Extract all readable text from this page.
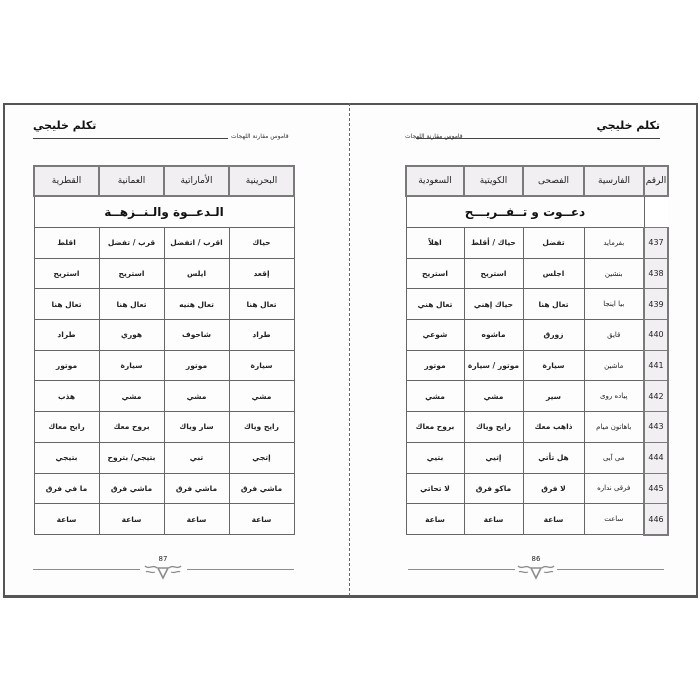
تكلم خليجي
قاموس مقارنة اللهجات
الرقم	الفارسية	الفصحى	الكويتية	السعودية
	دعــوت و تــفــريـــح			
437	بفرمايد	تفضل	حياك / أقلط	اهلاً
438	بنشين	اجلس	استريح	استريح
439	بيا اينجا	تعال هنا	حياك إهني	تعال هني
440	قايق	زورق	ماشوه	شوعي
441	ماشين	سيارة	موتور / سيارة	موتور
442	پیاده روی	سير	مشي	مشي
443	باهاتون ميام	ذاهب معك	رايح وياك	بروح معاك
444	می آیی	هل تأتي	إتيي	بتيي
445	فرقی نداره	لا فرق	ماكو فرق	لا تحاتي
446	ساعت	ساعة	ساعة	ساعة
86
تكلم خليجي
قاموس مقارنة اللهجات
البحرينية	الأماراتية	العمانية	القطرية
الـدعــوة والـنــزهــة			
حياك	اقرب / اتفضل	قرب / تفضل	اقلط
إقعد	ايلس	استريح	استريح
تعال هنا	تعال هنيه	تعال هنا	تعال هنا
طراد	شاحوف	هوري	طراد
سيارة	موتور	سيارة	موتور
مشي	مشي	مشي	هذب
رايح وياك	سار وياك	بروح معك	رايح معاك
إتجي	تبي	بتيجي/ بتروح	بتيجي
ماشي فرق	ماشي فرق	ماشي فرق	ما في فرق
ساعة	ساعة	ساعة	ساعة
87
